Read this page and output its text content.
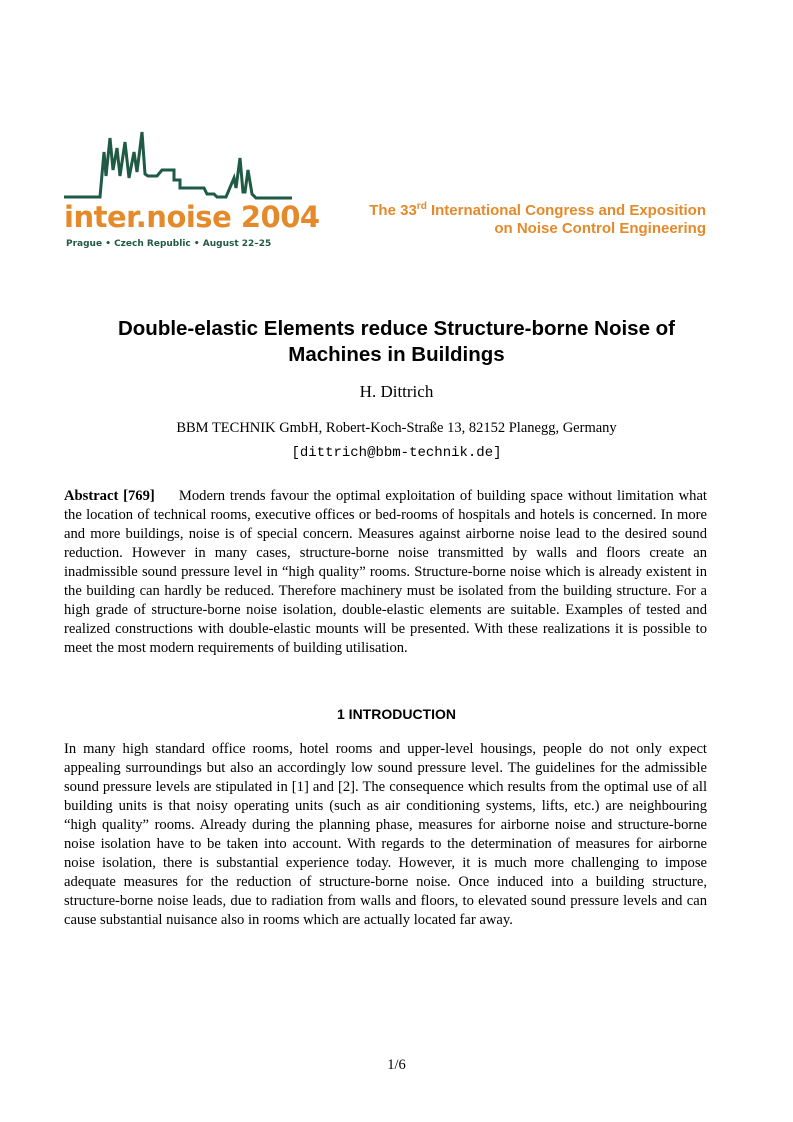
inter.noise 2004
Prague • Czech Republic • August 22–25
The 33rd International Congress and Exposition
on Noise Control Engineering
Double-elastic Elements reduce Structure-borne Noise of
Machines in Buildings
H. Dittrich
BBM TECHNIK GmbH, Robert-Koch-Straße 13, 82152 Planegg, Germany
[dittrich@bbm-technik.de]

Abstract [769] Modern trends favour the optimal exploitation of building space without limitation what the location of technical rooms, executive offices or bed-rooms of hospitals and hotels is concerned. In more and more buildings, noise is of special concern. Measures against airborne noise lead to the desired sound reduction. However in many cases, structure-borne noise transmitted by walls and floors create an inadmissible sound pressure level in “high quality” rooms. Structure-borne noise which is already existent in the building can hardly be reduced. Therefore machinery must be isolated from the building structure. For a high grade of structure-borne noise isolation, double-elastic elements are suitable. Examples of tested and realized constructions with double-elastic mounts will be presented. With these realizations it is possible to meet the most modern requirements of building utilisation.

1 INTRODUCTION

In many high standard office rooms, hotel rooms and upper-level housings, people do not only expect appealing surroundings but also an accordingly low sound pressure level. The guidelines for the admissible sound pressure levels are stipulated in [1] and [2]. The consequence which results from the optimal use of all building units is that noisy operating units (such as air conditioning systems, lifts, etc.) are neighbouring “high quality” rooms. Already during the planning phase, measures for airborne noise and structure-borne noise isolation have to be taken into account. With regards to the determination of measures for airborne noise isolation, there is substantial experience today. However, it is much more challenging to impose adequate measures for the reduction of structure-borne noise. Once induced into a building structure, structure-borne noise leads, due to radiation from walls and floors, to elevated sound pressure levels and can cause substantial nuisance also in rooms which are actually located far away.

1/6
